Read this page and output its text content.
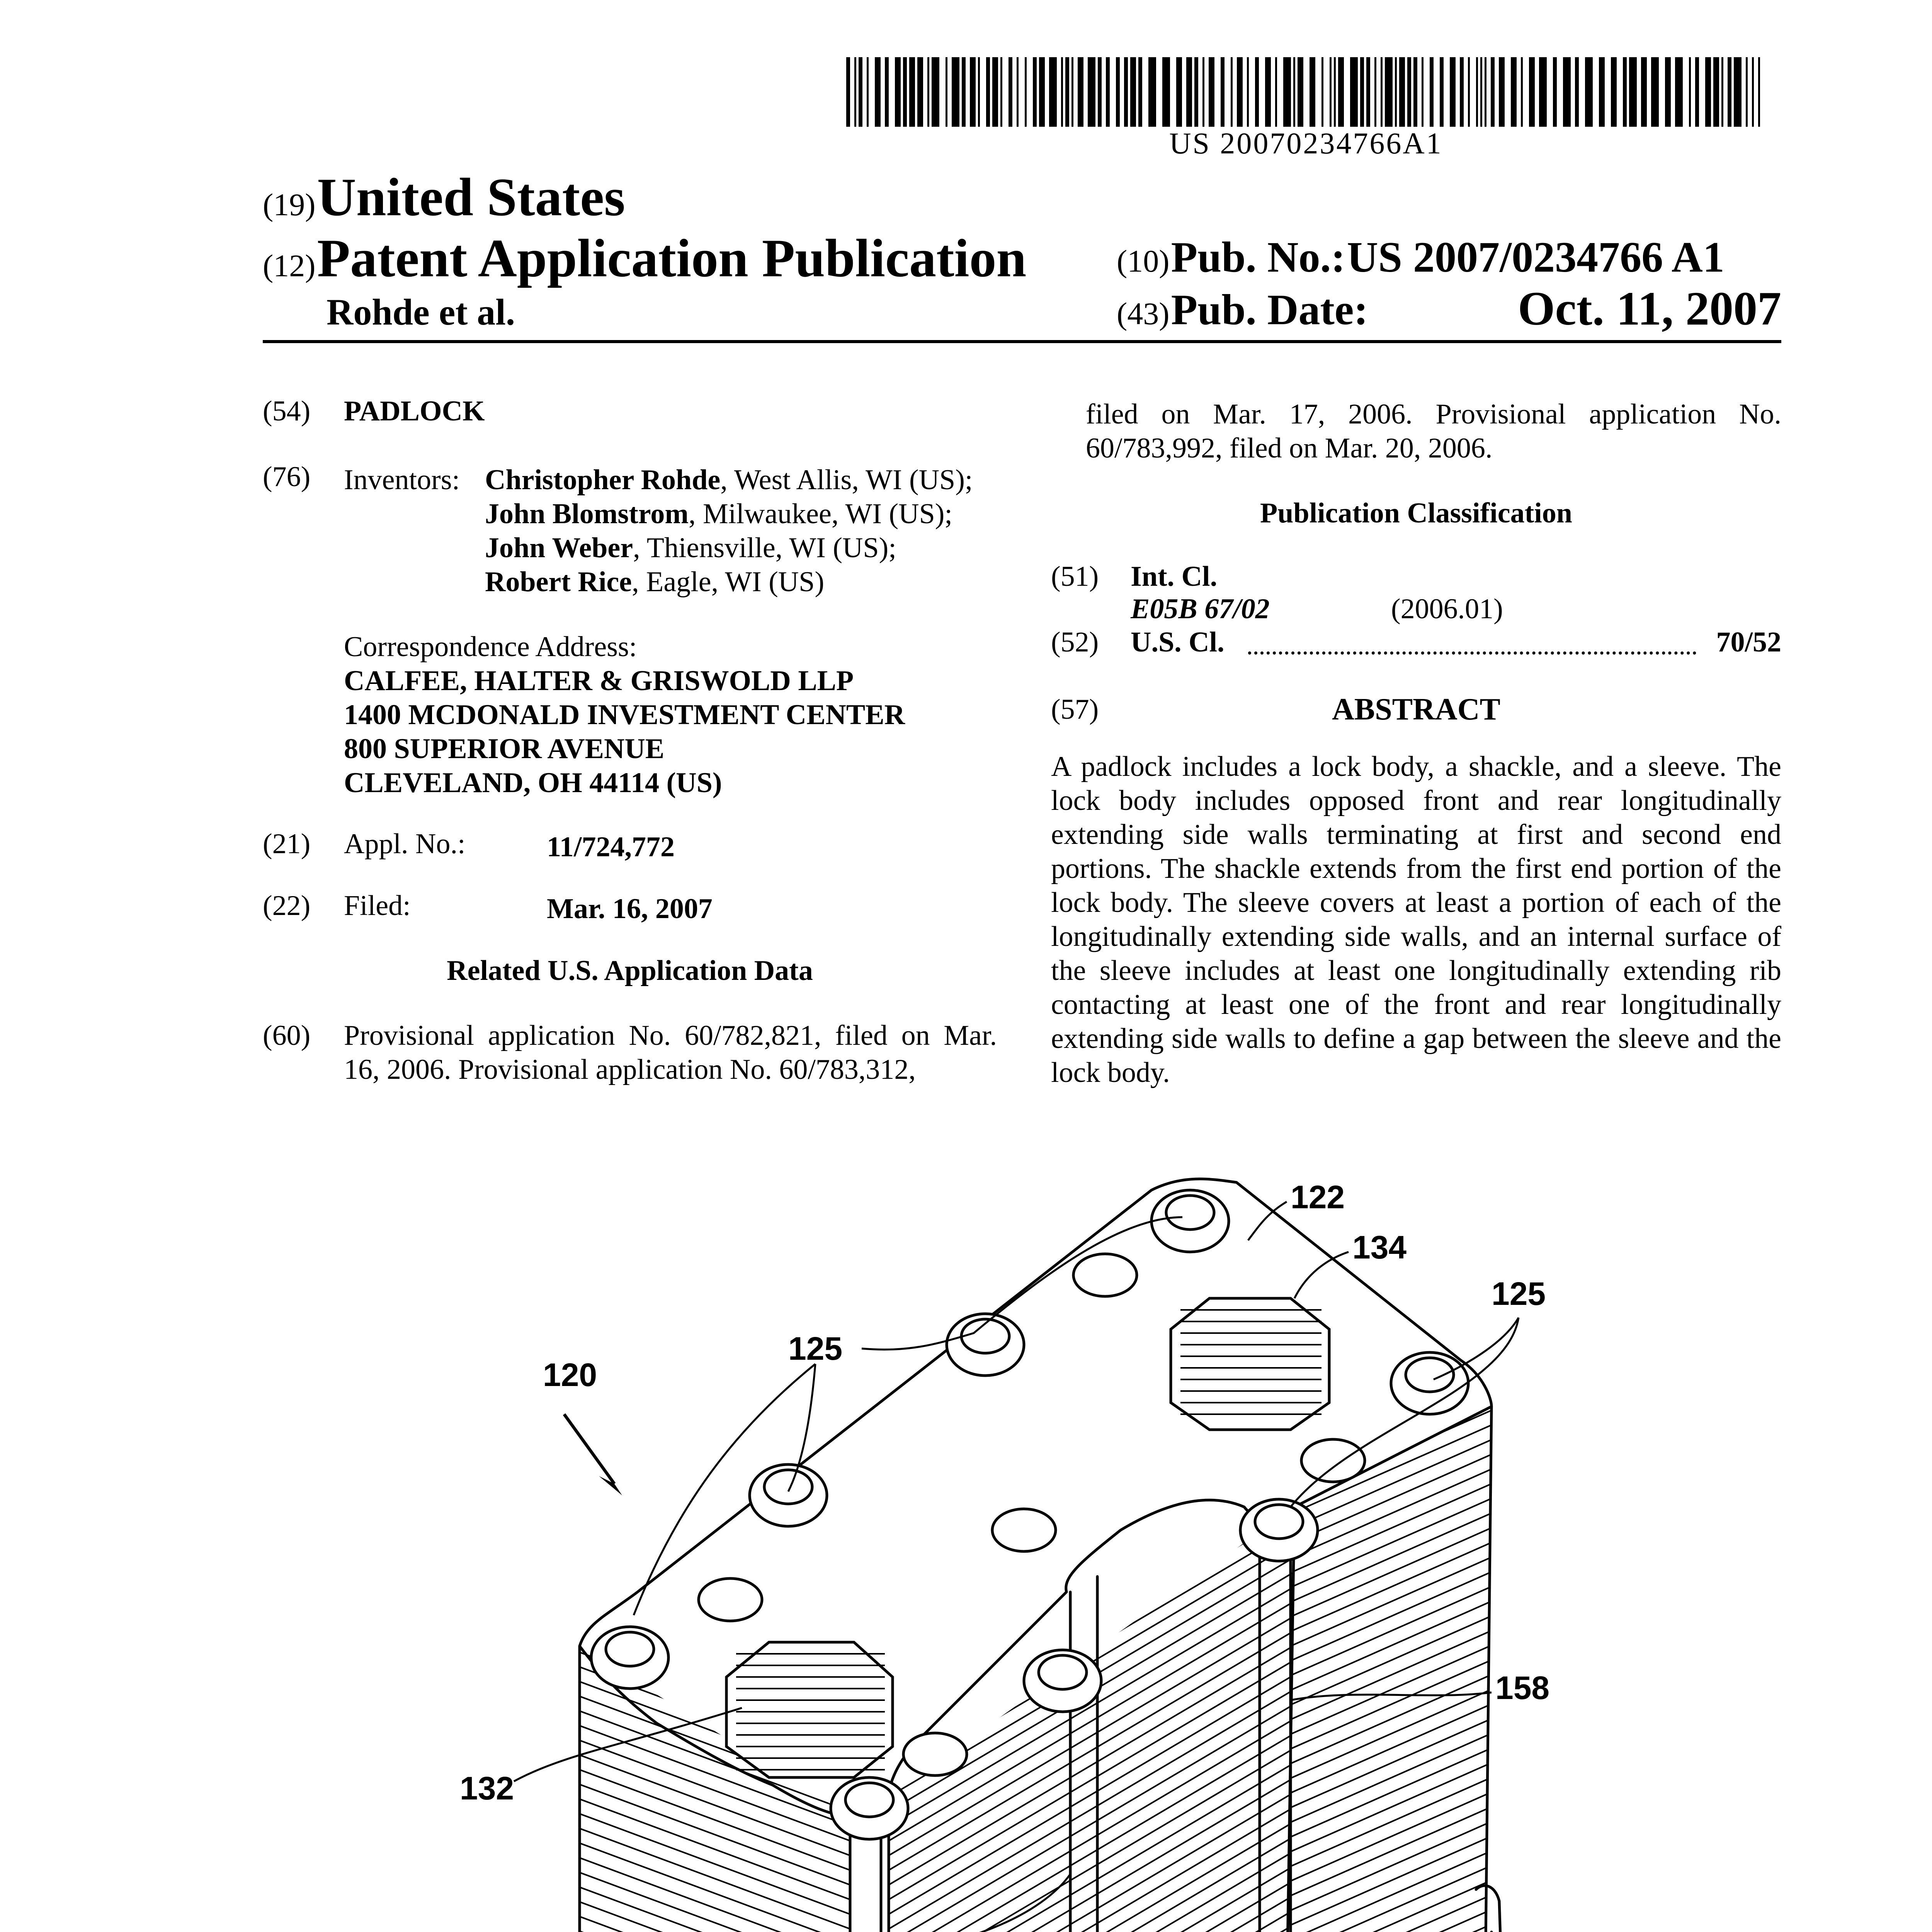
US 20070234766A1
(19) United States
(12) Patent Application Publication
Rohde et al.
(10) Pub. No.: US 2007/0234766 A1
(43) Pub. Date:	Oct. 11, 2007
(54) PADLOCK
(76) Inventors: Christopher Rohde, West Allis, WI (US); John Blomstrom, Milwaukee, WI (US); John Weber, Thiensville, WI (US); Robert Rice, Eagle, WI (US)
Correspondence Address:
CALFEE, HALTER & GRISWOLD LLP
1400 MCDONALD INVESTMENT CENTER
800 SUPERIOR AVENUE
CLEVELAND, OH 44114 (US)
(21) Appl. No.:	11/724,772
(22) Filed:	Mar. 16, 2007
Related U.S. Application Data
(60) Provisional application No. 60/782,821, filed on Mar. 16, 2006. Provisional application No. 60/783,312,
filed on Mar. 17, 2006. Provisional application No. 60/783,992, filed on Mar. 20, 2006.
Publication Classification
(51) Int. Cl.
E05B 67/02	(2006.01)
(52) U.S. Cl.	70/52
(57)	ABSTRACT
A padlock includes a lock body, a shackle, and a sleeve. The lock body includes opposed front and rear longitudinally extending side walls terminating at first and second end portions. The shackle extends from the first end portion of the lock body. The sleeve covers at least a portion of each of the longitudinally extending side walls, and an internal surface of the sleeve includes at least one longitudinally extending rib contacting at least one of the front and rear longitudinally extending side walls to define a gap between the sleeve and the lock body.
120
125
122
134
125
158
132
